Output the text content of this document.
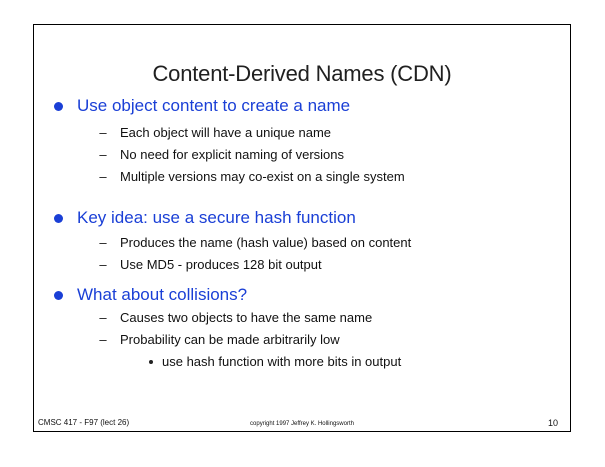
Content-Derived Names (CDN)
Use object content to create a name
– Each object will have a unique name
– No need for explicit naming of versions
– Multiple versions may co-exist on a single system
Key idea: use a secure hash function
– Produces the name (hash value) based on content
– Use MD5 - produces 128 bit output
What about collisions?
– Causes two objects to have the same name
– Probability can be made arbitrarily low
use hash function with more bits in output
CMSC 417 - F97 (lect 26)	copyright 1997 Jeffrey K. Hollingsworth	10
